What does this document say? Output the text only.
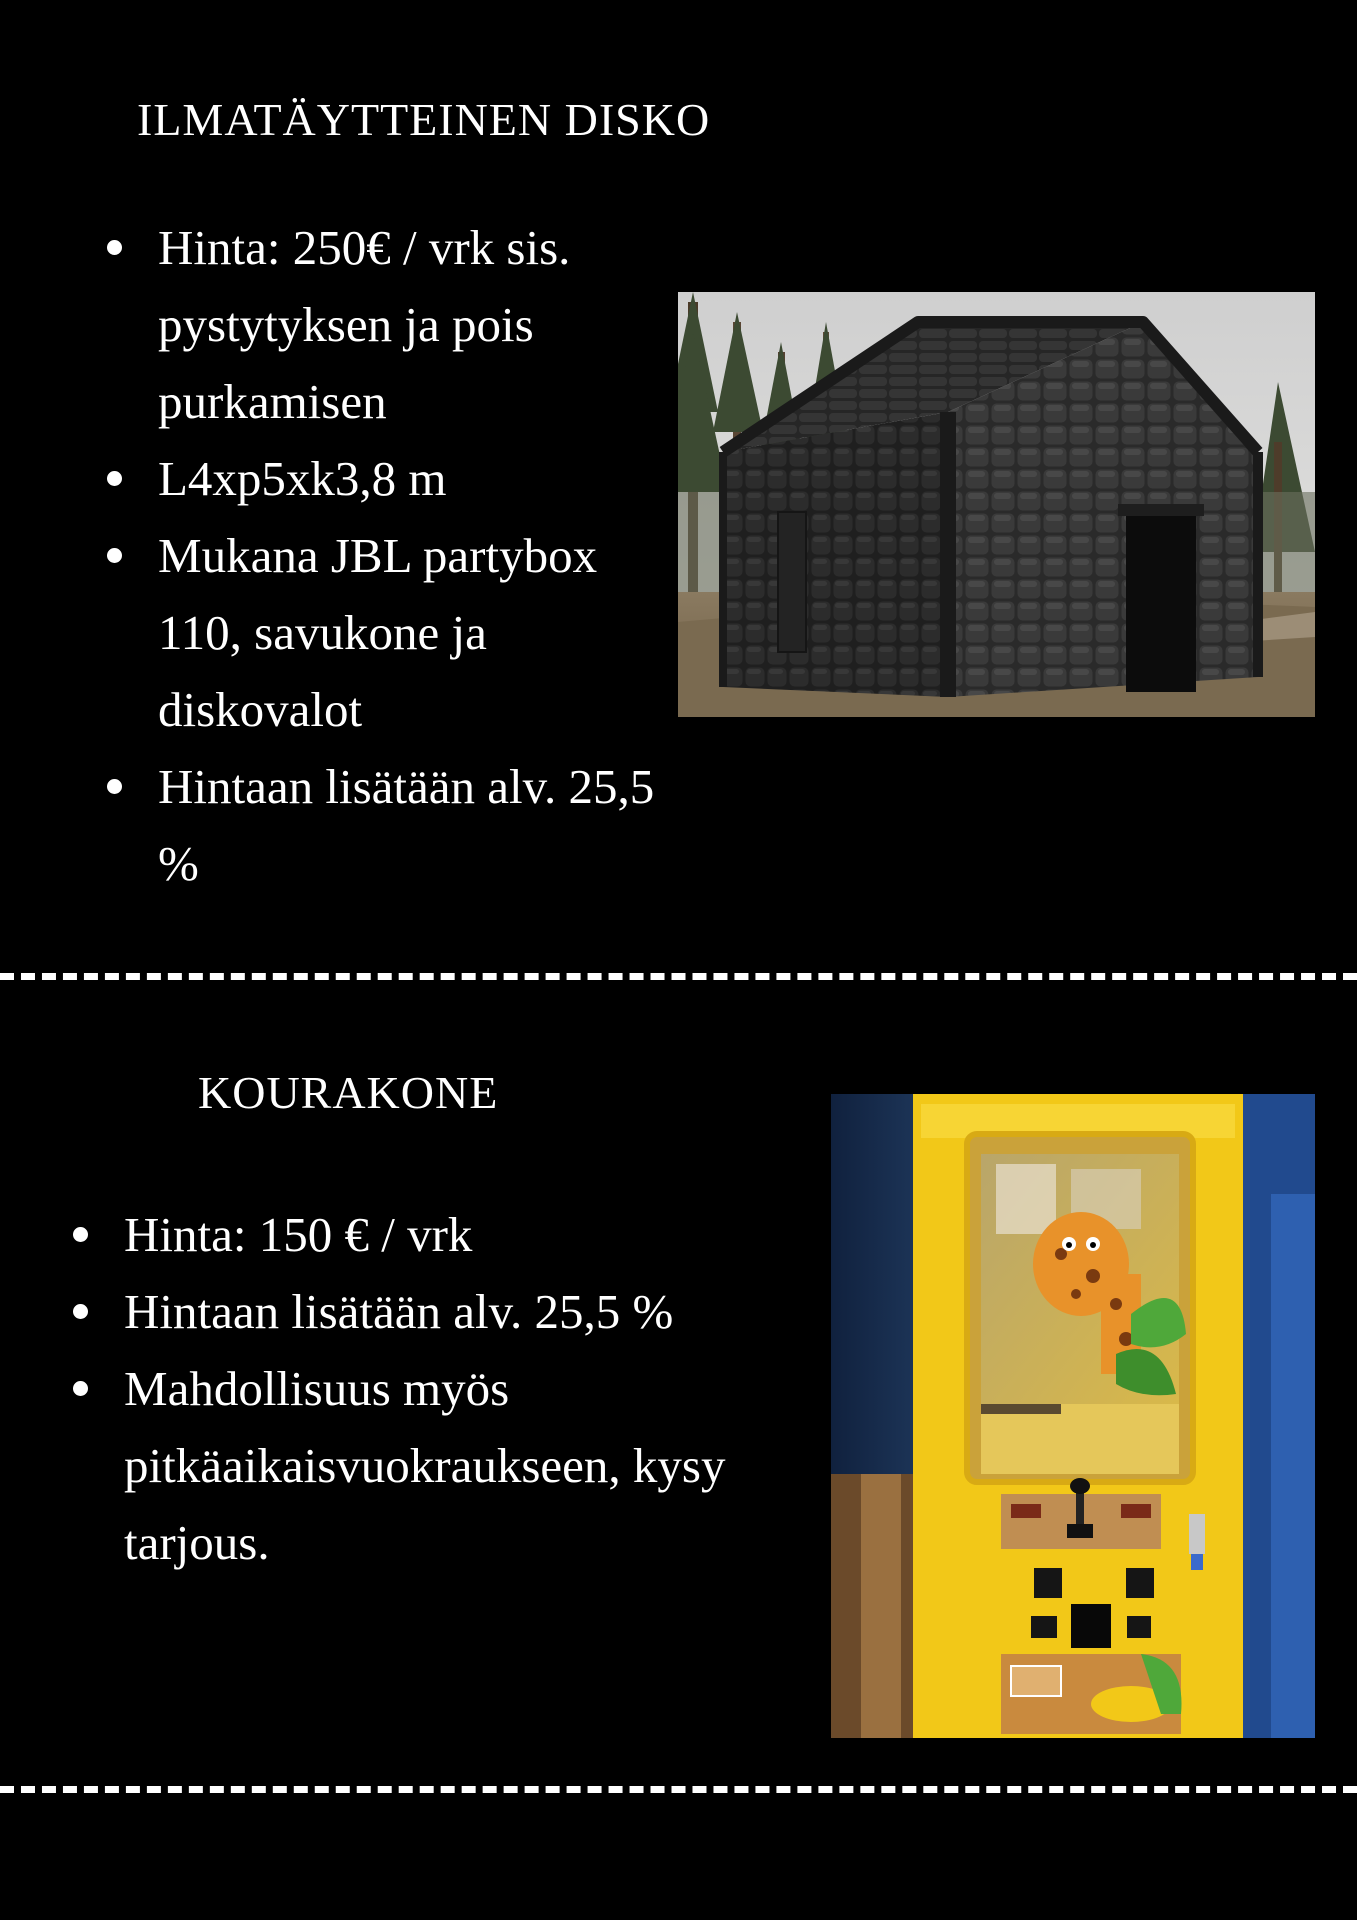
ILMATÄYTTEINEN DISKO
Hinta: 250€ / vrk sis. pystytyksen ja pois purkamisen
L4xp5xk3,8 m
Mukana JBL partybox 110, savukone ja diskovalot
Hintaan lisätään alv. 25,5 %
KOURAKONE
Hinta: 150 € / vrk
Hintaan lisätään alv. 25,5 %
Mahdollisuus myös pitkäaikaisvuokraukseen, kysy tarjous.
